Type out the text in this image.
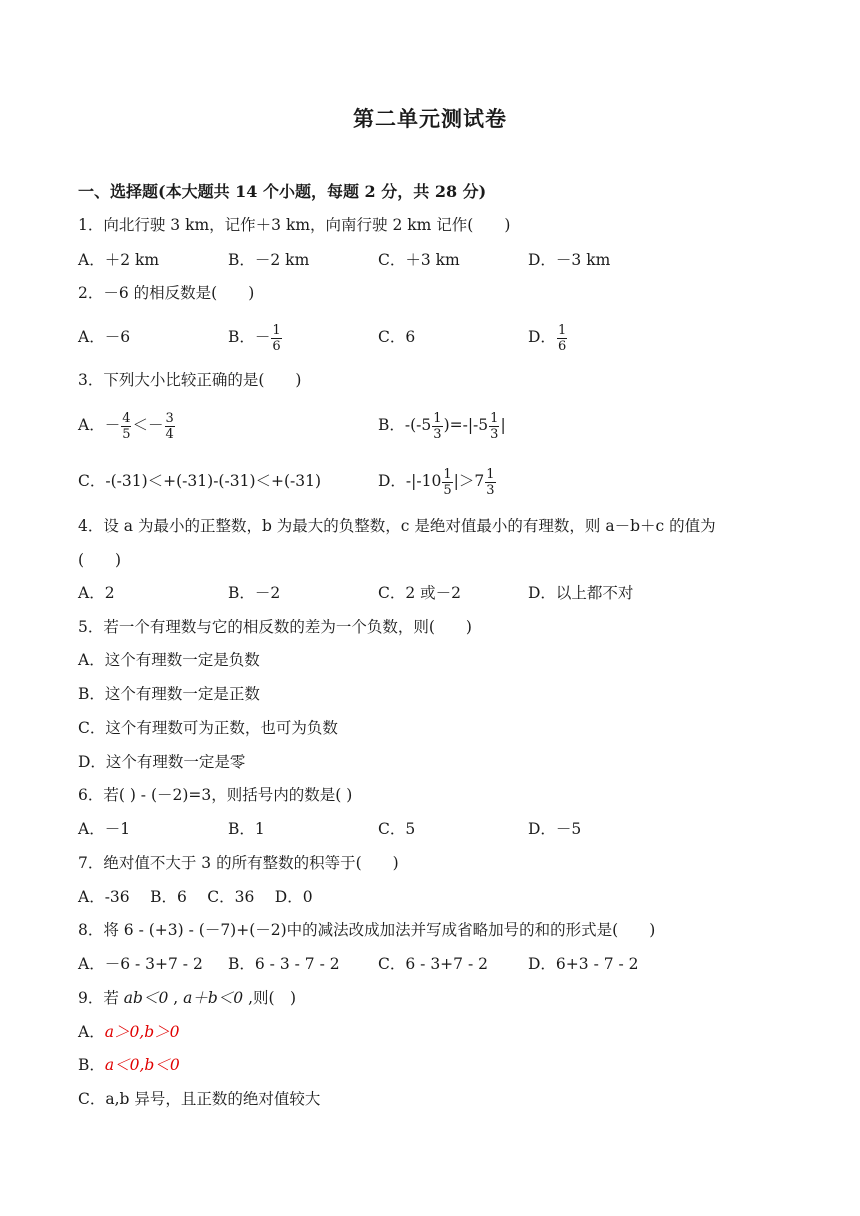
第二单元测试卷
一、选择题(本大题共 14 个小题，每题 2 分，共 28 分)
1．向北行驶 3 km，记作＋3 km，向南行驶 2 km 记作(　　)
A．＋2 km	B．－2 km	C．＋3 km	D．－3 km
2．－6 的相反数是(　　)
A．－6	B．－ $\frac{1}{6}$	C．6	D． $\frac{1}{6}$
3．下列大小比较正确的是(　　)
A．－ $\frac{4}{5} <- \frac{3}{4}$	B．$-(-5 \frac{1}{3} )=-|-5 \frac{1}{3}$ |
C．-(-31)＜+(-31)-(-31)＜+(-31)	D．$-|-10 \frac{1}{5} |>7 \frac{1}{3}$
4．设 a 为最小的正整数，b 为最大的负整数，c 是绝对值最小的有理数，则 a－b＋c 的值为
(　　)
A．2	B．－2	C．2 或－2	D．以上都不对
5．若一个有理数与它的相反数的差为一个负数，则(　　)
A．这个有理数一定是负数
B．这个有理数一定是正数
C．这个有理数可为正数，也可为负数
D．这个有理数一定是零
6．若( ) - (－2)=3，则括号内的数是( )
A．－1	B．1	C．5	D．－5
7．绝对值不大于 3 的所有整数的积等于(　　)
A．-36　 B．6　 C．36　 D．0
8．将 6 - (+3) - (－7)+(－2)中的减法改成加法并写成省略加号的和的形式是(　　)
A．－6 - 3+7 - 2 B．6 - 3 - 7 - 2 C．6 - 3+7 - 2	D．6+3 - 7 - 2
9．若 ab＜0 , a＋b＜0 ,则(　)
A．a＞0,b＞0
B．a＜0,b＜0
C．a,b 异号，且正数的绝对值较大
